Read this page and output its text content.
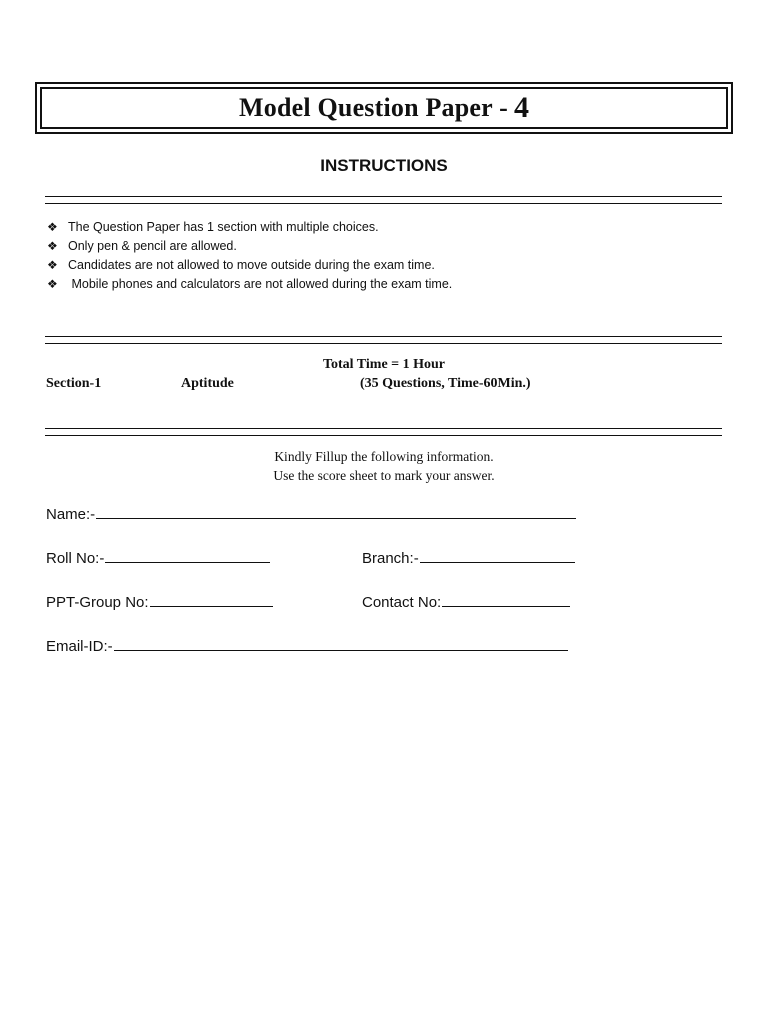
Model Question Paper - 4
INSTRUCTIONS
❖ The Question Paper has 1 section with multiple choices.
❖ Only pen & pencil are allowed.
❖ Candidates are not allowed to move outside during the exam time.
❖ Mobile phones and calculators are not allowed during the exam time.
Total Time = 1 Hour
Section-1	Aptitude	(35 Questions, Time-60Min.)
Kindly Fillup the following information.
Use the score sheet to mark your answer.
Name:-
Roll No:-	Branch:-
PPT-Group No:	Contact No:
Email-ID:-
